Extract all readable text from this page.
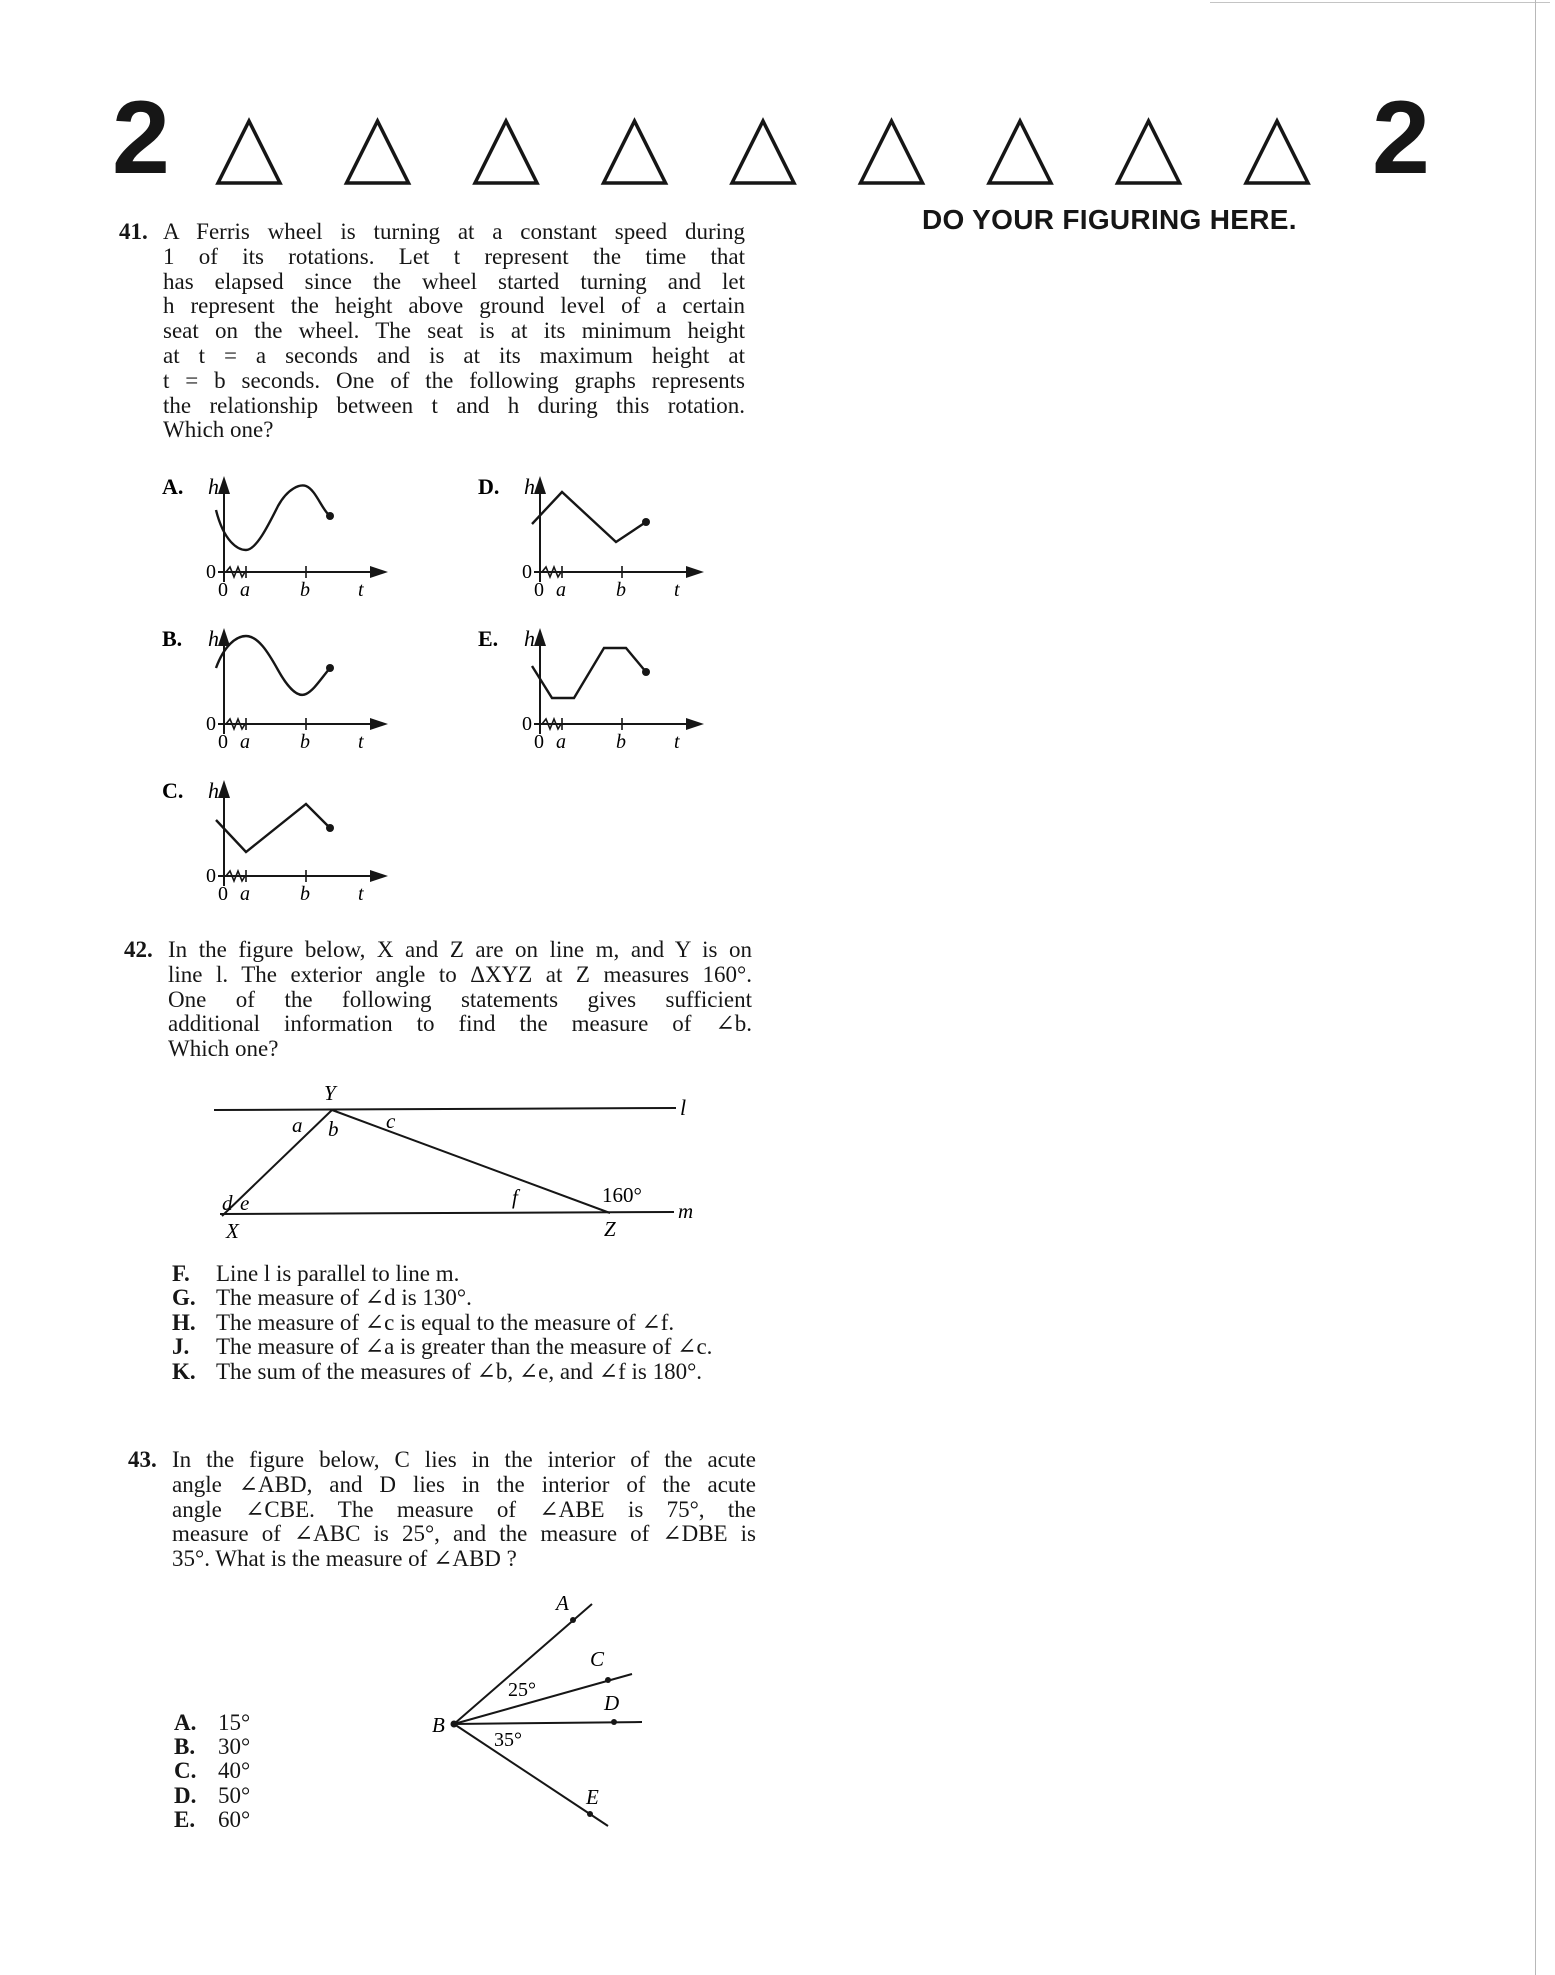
2	2
DO YOUR FIGURING HERE.
41. A Ferris wheel is turning at a constant speed during
1 of its rotations. Let t represent the time that
has elapsed since the wheel started turning and let
h represent the height above ground level of a certain
seat on the wheel. The seat is at its minimum height
at t = a seconds and is at its maximum height at
t = b seconds. One of the following graphs represents
the relationship between t and h during this rotation.
Which one?
A. h
0
0 a	b t
D. h
0
0 a	b t
B. h
0
0 a	b t
E. h
0
0 a	b t
C. h
0
0 a	b t
42. In the figure below, X and Z are on line m, and Y is on
line l. The exterior angle to ΔXYZ at Z measures 160°.
One of the following statements gives sufficient
additional information to find the measure of ∠b.
Which one?
Y
l
a b c
d e	f	160°
m
X	Z
F. Line l is parallel to line m.
G. The measure of ∠d is 130°.
H. The measure of ∠c is equal to the measure of ∠f.
J. The measure of ∠a is greater than the measure of ∠c.
K. The sum of the measures of ∠b, ∠e, and ∠f is 180°.
43. In the figure below, C lies in the interior of the acute
angle ∠ABD, and D lies in the interior of the acute
angle ∠CBE. The measure of ∠ABE is 75°, the
measure of ∠ABC is 25°, and the measure of ∠DBE is
35°. What is the measure of ∠ABD ?
A
B
C
D
E
25°
35°
A. 15°
B. 30°
C. 40°
D. 50°
E. 60°
